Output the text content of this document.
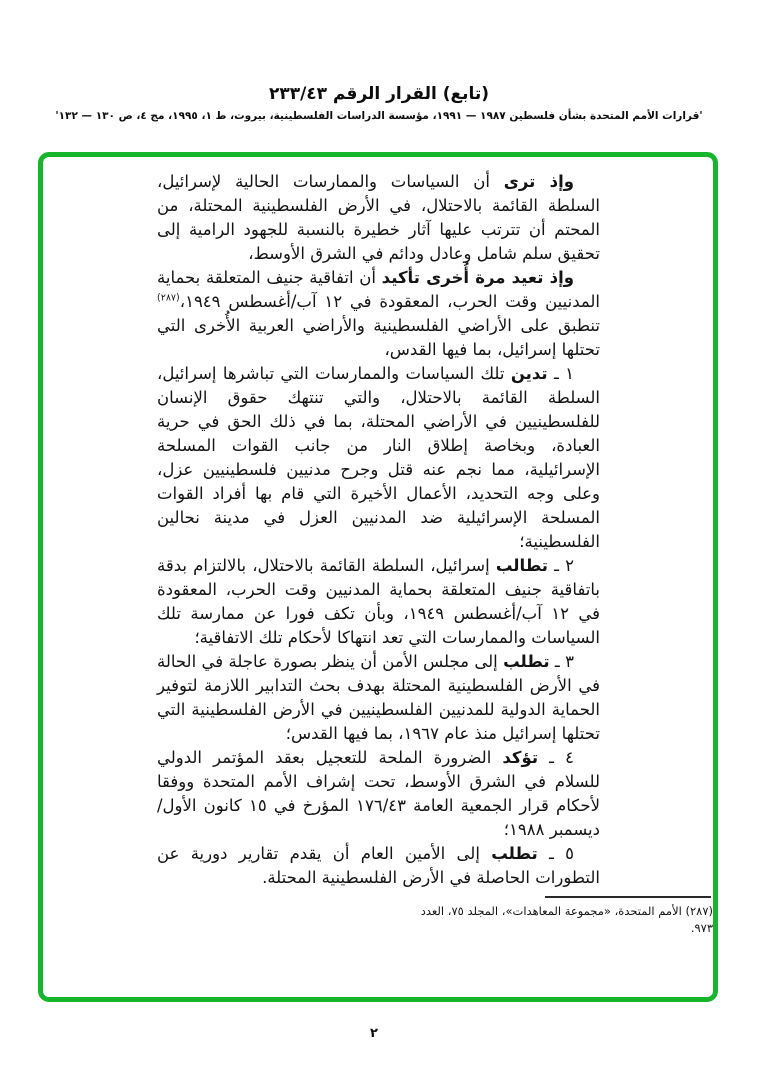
(تابع) القرار الرقم ٢٣٣/٤٣
'قرارات الأمم المتحدة بشأن فلسطين ١٩٨٧ — ١٩٩١، مؤسسة الدراسات الفلسطينية، بيروت، ط ١، ١٩٩٥، مج ٤، ص ١٣٠ — ١٣٢'

وإذ ترى أن السياسات والممارسات الحالية لإسرائيل، السلطة القائمة بالاحتلال، في الأرض الفلسطينية المحتلة، من المحتم أن تترتب عليها آثار خطيرة بالنسبة للجهود الرامية إلى تحقيق سلم شامل وعادل ودائم في الشرق الأوسط،

وإذ تعيد مرة أُخرى تأكيد أن اتفاقية جنيف المتعلقة بحماية المدنيين وقت الحرب، المعقودة في ١٢ آب/أغسطس ١٩٤٩،$^{(٢٨٧)}$ تنطبق على الأراضي الفلسطينية والأراضي العربية الأُخرى التي تحتلها إسرائيل، بما فيها القدس،

١ ـ تدين تلك السياسات والممارسات التي تباشرها إسرائيل، السلطة القائمة بالاحتلال، والتي تنتهك حقوق الإنسان للفلسطينيين في الأراضي المحتلة، بما في ذلك الحق في حرية العبادة، وبخاصة إطلاق النار من جانب القوات المسلحة الإسرائيلية، مما نجم عنه قتل وجرح مدنيين فلسطينيين عزل، وعلى وجه التحديد، الأعمال الأخيرة التي قام بها أفراد القوات المسلحة الإسرائيلية ضد المدنيين العزل في مدينة نحالين الفلسطينية؛

٢ ـ تطالب إسرائيل، السلطة القائمة بالاحتلال، بالالتزام بدقة باتفاقية جنيف المتعلقة بحماية المدنيين وقت الحرب، المعقودة في ١٢ آب/أغسطس ١٩٤٩، وبأن تكف فورا عن ممارسة تلك السياسات والممارسات التي تعد انتهاكا لأحكام تلك الاتفاقية؛

٣ ـ تطلب إلى مجلس الأمن أن ينظر بصورة عاجلة في الحالة في الأرض الفلسطينية المحتلة بهدف بحث التدابير اللازمة لتوفير الحماية الدولية للمدنيين الفلسطينيين في الأرض الفلسطينية التي تحتلها إسرائيل منذ عام ١٩٦٧، بما فيها القدس؛

٤ ـ تؤكد الضرورة الملحة للتعجيل بعقد المؤتمر الدولي للسلام في الشرق الأوسط، تحت إشراف الأمم المتحدة ووفقا لأحكام قرار الجمعية العامة ١٧٦/٤٣ المؤرخ في ١٥ كانون الأول/ديسمبر ١٩٨٨؛

٥ ـ تطلب إلى الأمين العام أن يقدم تقارير دورية عن التطورات الحاصلة في الأرض الفلسطينية المحتلة.

(٢٨٧) الأمم المتحدة، «مجموعة المعاهدات»، المجلد ٧٥، العدد ٩٧٣.
٢
